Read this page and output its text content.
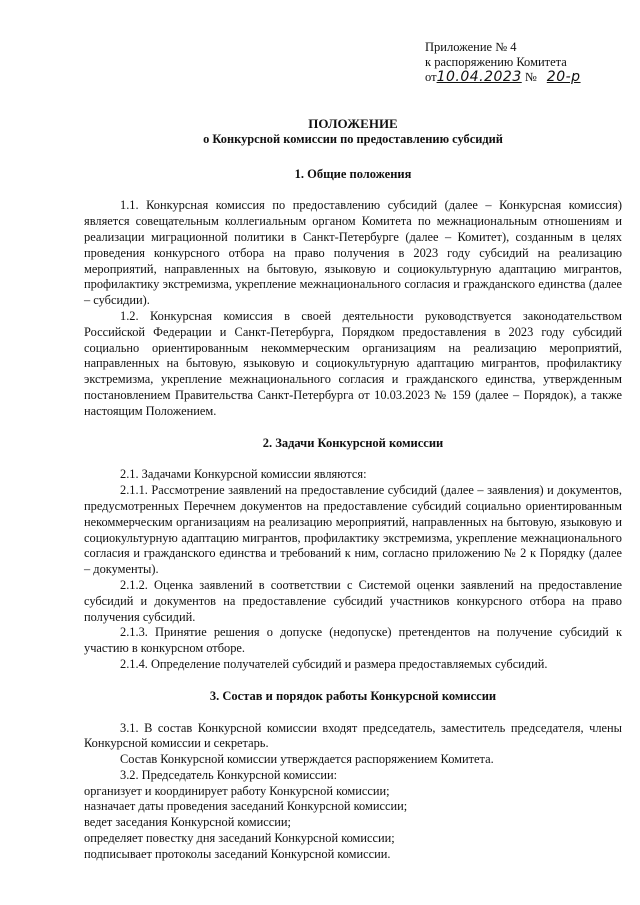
Приложение № 4
к распоряжению Комитета
от10.04.2023 № 20-р

ПОЛОЖЕНИЕ

о Конкурсной комиссии по предоставлению субсидий

1. Общие положения

1.1. Конкурсная комиссия по предоставлению субсидий (далее – Конкурсная комиссия) является совещательным коллегиальным органом Комитета по межнациональным отношениям и реализации миграционной политики в Санкт-Петербурге (далее – Комитет), созданным в целях проведения конкурсного отбора на право получения в 2023 году субсидий на реализацию мероприятий, направленных на бытовую, языковую и социокультурную адаптацию мигрантов, профилактику экстремизма, укрепление межнационального согласия и гражданского единства (далее – субсидии).

1.2. Конкурсная комиссия в своей деятельности руководствуется законодательством Российской Федерации и Санкт-Петербурга, Порядком предоставления в 2023 году субсидий социально ориентированным некоммерческим организациям на реализацию мероприятий, направленных на бытовую, языковую и социокультурную адаптацию мигрантов, профилактику экстремизма, укрепление межнационального согласия и гражданского единства, утвержденным постановлением Правительства Санкт-Петербурга от 10.03.2023 № 159 (далее – Порядок), а также настоящим Положением.

2. Задачи Конкурсной комиссии

2.1. Задачами Конкурсной комиссии являются:

2.1.1. Рассмотрение заявлений на предоставление субсидий (далее – заявления) и документов, предусмотренных Перечнем документов на предоставление субсидий социально ориентированным некоммерческим организациям на реализацию мероприятий, направленных на бытовую, языковую и социокультурную адаптацию мигрантов, профилактику экстремизма, укрепление межнационального согласия и гражданского единства и требований к ним, согласно приложению № 2 к Порядку (далее – документы).

2.1.2. Оценка заявлений в соответствии с Системой оценки заявлений на предоставление субсидий и документов на предоставление субсидий участников конкурсного отбора на право получения субсидий.

2.1.3. Принятие решения о допуске (недопуске) претендентов на получение субсидий к участию в конкурсном отборе.

2.1.4. Определение получателей субсидий и размера предоставляемых субсидий.

3. Состав и порядок работы Конкурсной комиссии

3.1. В состав Конкурсной комиссии входят председатель, заместитель председателя, члены Конкурсной комиссии и секретарь.

Состав Конкурсной комиссии утверждается распоряжением Комитета.

3.2. Председатель Конкурсной комиссии:

организует и координирует работу Конкурсной комиссии;

назначает даты проведения заседаний Конкурсной комиссии;

ведет заседания Конкурсной комиссии;

определяет повестку дня заседаний Конкурсной комиссии;

подписывает протоколы заседаний Конкурсной комиссии.
